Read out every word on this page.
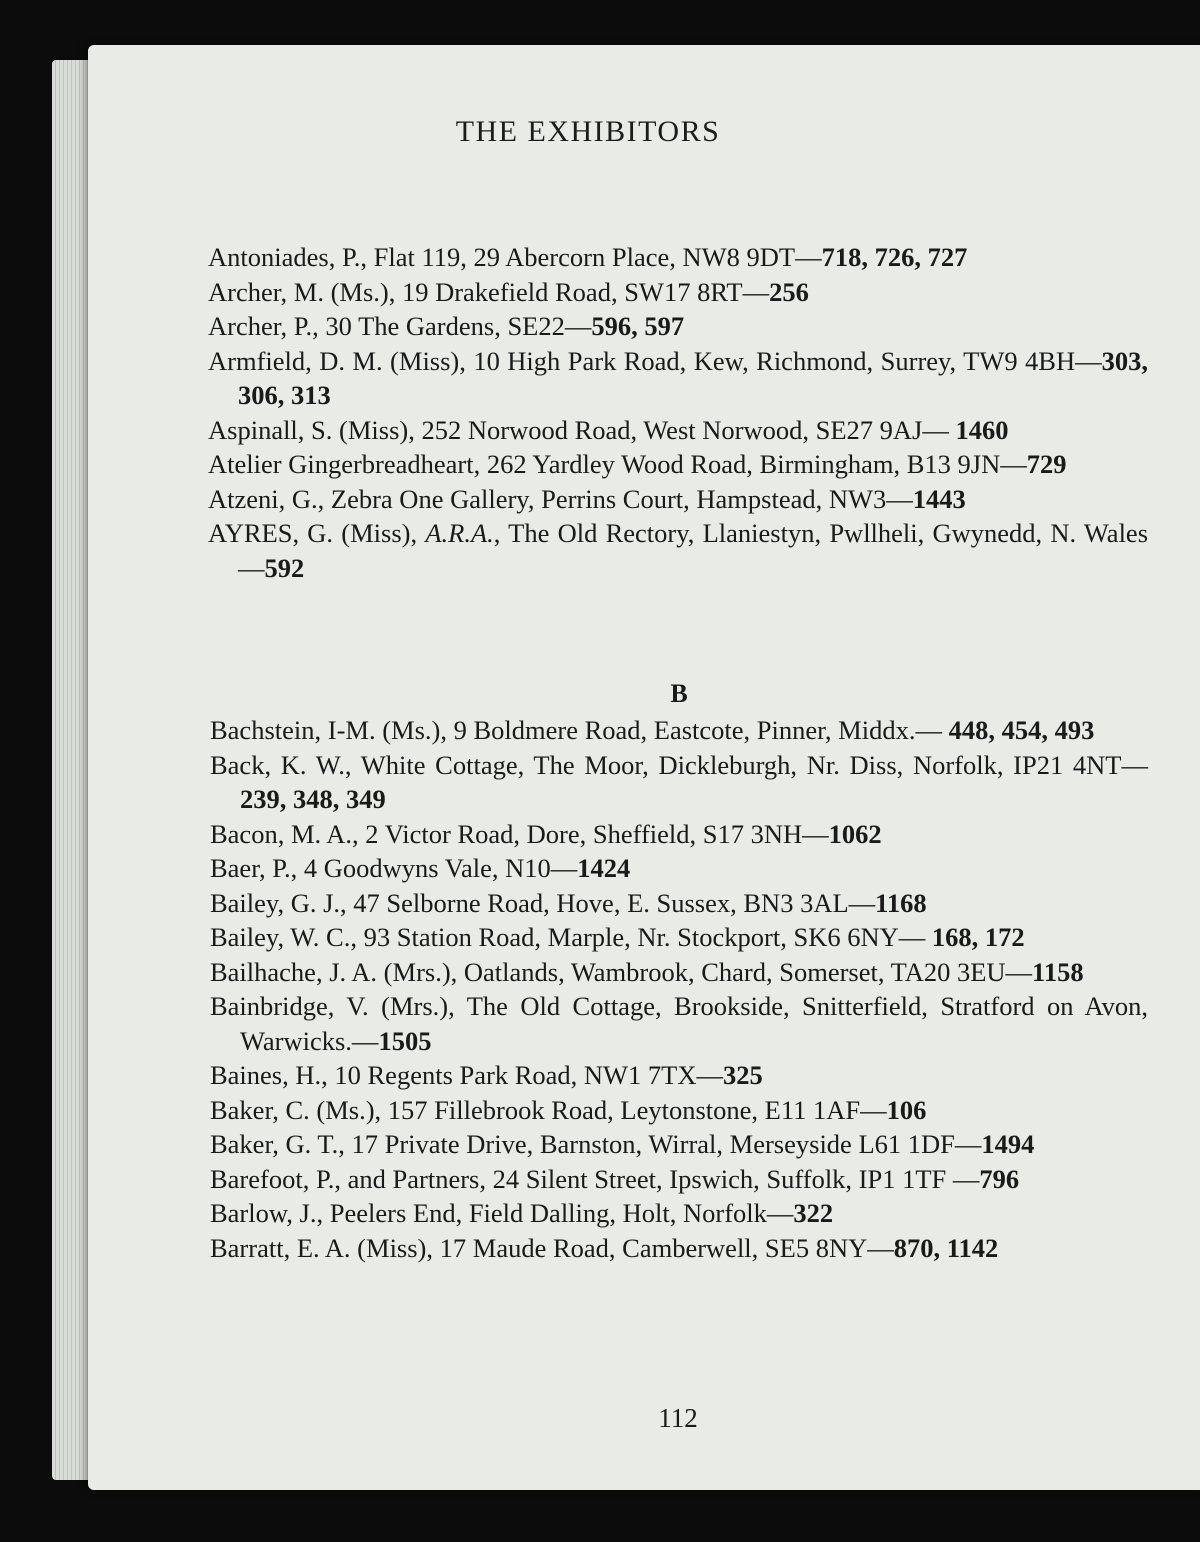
THE EXHIBITORS
Antoniades, P., Flat 119, 29 Abercorn Place, NW8 9DT—718, 726, 727
Archer, M. (Ms.), 19 Drakefield Road, SW17 8RT—256
Archer, P., 30 The Gardens, SE22—596, 597
Armfield, D. M. (Miss), 10 High Park Road, Kew, Richmond, Surrey, TW9 4BH—303, 306, 313
Aspinall, S. (Miss), 252 Norwood Road, West Norwood, SE27 9AJ— 1460
Atelier Gingerbreadheart, 262 Yardley Wood Road, Birmingham, B13 9JN—729
Atzeni, G., Zebra One Gallery, Perrins Court, Hampstead, NW3—1443
AYRES, G. (Miss), A.R.A., The Old Rectory, Llaniestyn, Pwllheli, Gwynedd, N. Wales—592
B
Bachstein, I-M. (Ms.), 9 Boldmere Road, Eastcote, Pinner, Middx.— 448, 454, 493
Back, K. W., White Cottage, The Moor, Dickleburgh, Nr. Diss, Norfolk, IP21 4NT—239, 348, 349
Bacon, M. A., 2 Victor Road, Dore, Sheffield, S17 3NH—1062
Baer, P., 4 Goodwyns Vale, N10—1424
Bailey, G. J., 47 Selborne Road, Hove, E. Sussex, BN3 3AL—1168
Bailey, W. C., 93 Station Road, Marple, Nr. Stockport, SK6 6NY— 168, 172
Bailhache, J. A. (Mrs.), Oatlands, Wambrook, Chard, Somerset, TA20 3EU—1158
Bainbridge, V. (Mrs.), The Old Cottage, Brookside, Snitterfield, Stratford on Avon, Warwicks.—1505
Baines, H., 10 Regents Park Road, NW1 7TX—325
Baker, C. (Ms.), 157 Fillebrook Road, Leytonstone, E11 1AF—106
Baker, G. T., 17 Private Drive, Barnston, Wirral, Merseyside L61 1DF—1494
Barefoot, P., and Partners, 24 Silent Street, Ipswich, Suffolk, IP1 1TF —796
Barlow, J., Peelers End, Field Dalling, Holt, Norfolk—322
Barratt, E. A. (Miss), 17 Maude Road, Camberwell, SE5 8NY—870, 1142
112
